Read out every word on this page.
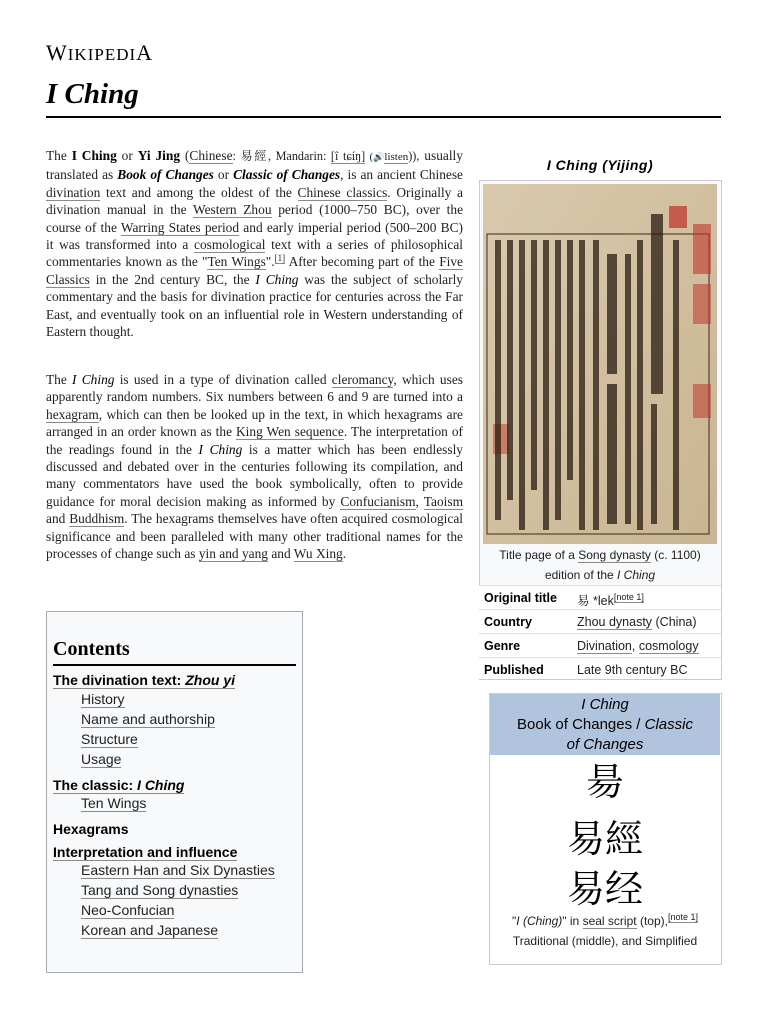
WIKIPEDIA
I Ching
The I Ching or Yi Jing (Chinese: 易經, Mandarin: [î tɕíŋ] (🔊listen)), usually translated as Book of Changes or Classic of Changes, is an ancient Chinese divination text and among the oldest of the Chinese classics. Originally a divination manual in the Western Zhou period (1000–750 BC), over the course of the Warring States period and early imperial period (500–200 BC) it was transformed into a cosmological text with a series of philosophical commentaries known as the "Ten Wings".[1] After becoming part of the Five Classics in the 2nd century BC, the I Ching was the subject of scholarly commentary and the basis for divination practice for centuries across the Far East, and eventually took on an influential role in Western understanding of Eastern thought.
The I Ching is used in a type of divination called cleromancy, which uses apparently random numbers. Six numbers between 6 and 9 are turned into a hexagram, which can then be looked up in the text, in which hexagrams are arranged in an order known as the King Wen sequence. The interpretation of the readings found in the I Ching is a matter which has been endlessly discussed and debated over in the centuries following its compilation, and many commentators have used the book symbolically, often to provide guidance for moral decision making as informed by Confucianism, Taoism and Buddhism. The hexagrams themselves have often acquired cosmological significance and been paralleled with many other traditional names for the processes of change such as yin and yang and Wu Xing.
I Ching (Yijing)
Title page of a Song dynasty (c. 1100) edition of the I Ching
Original title 易 *lek[note 1]
Country	Zhou dynasty (China)
Genre	Divination, cosmology
Published	Late 9th century BC
I Ching
Book of Changes / Classic
of Changes
昜
易經
易经
"I (Ching)" in seal script (top),[note 1]
Traditional (middle), and Simplified
Contents
The divination text: Zhou yi
History
Name and authorship
Structure
Usage
The classic: I Ching
Ten Wings
Hexagrams
Interpretation and influence
Eastern Han and Six Dynasties
Tang and Song dynasties
Neo-Confucian
Korean and Japanese
